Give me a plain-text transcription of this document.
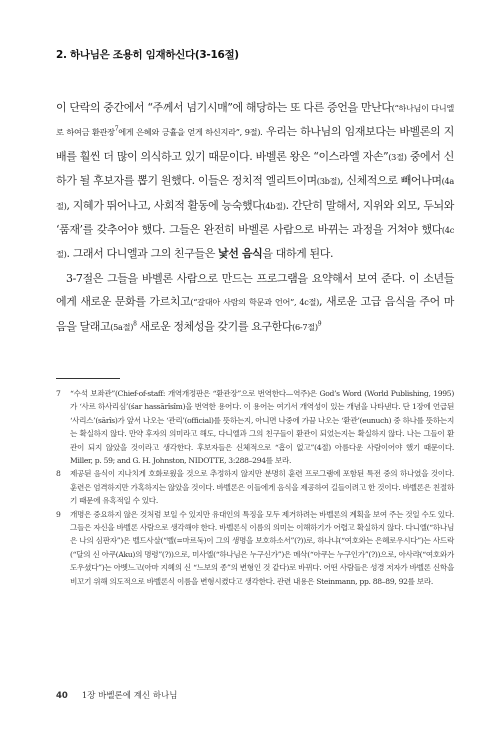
2. 하나님은 조용히 임재하신다(3-16절)

이 단락의 중간에서 “주께서 넘기시매”에 해당하는 또 다른 증언을 만난다(“하나님이 다니엘로 하여금 환관장$^7$에게 은혜와 긍휼을 얻게 하신지라”, 9절). 우리는 하나님의 임재보다는 바벨론의 지배를 훨씬 더 많이 의식하고 있기 때문이다. 바벨론 왕은 “이스라엘 자손”(3절) 중에서 신하가 될 후보자를 뽑기 원했다. 이들은 정치적 엘리트이며(3b절), 신체적으로 빼어나며(4a절), 지혜가 뛰어나고, 사회적 활동에 능숙했다(4b절). 간단히 말해서, 지위와 외모, 두뇌와 ‘품재’를 갖추어야 했다. 그들은 완전히 바벨론 사람으로 바뀌는 과정을 거쳐야 했다(4c절). 그래서 다니엘과 그의 친구들은 낯선 음식을 대하게 된다.

3-7절은 그들을 바벨론 사람으로 만드는 프로그램을 요약해서 보여 준다. 이 소년들에게 새로운 문화를 가르치고(“갈대아 사람의 학문과 언어”, 4c절), 새로운 고급 음식을 주어 마음을 달래고(5a절)$^8$ 새로운 정체성을 갖기를 요구한다(6-7절)$^9$

7 “수석 보좌관”(Chief-of-staff: 개역개정판은 “환관장”으로 번역한다—역주)은 God’s Word (World Publishing, 1995)가 ‘사르 하사리심’(śar hassārîsîm)을 번역한 용어다. 이 용어는 여기서 개역성이 있는 개념을 나타낸다. 단 1장에 언급된 ‘사리스’(sārîs)가 앞서 나오는 ‘관리’(official)를 뜻하는지, 아니면 나중에 가끔 나오는 ‘환관’(eunuch) 중 하나를 뜻하는지는 확실하지 않다. 만약 후자의 의미라고 해도, 다니엘과 그의 친구들이 환관이 되었는지는 확실하지 않다. 나는 그들이 환관이 되지 않았을 것이라고 생각한다. 후보자들은 신체적으로 “흠이 없고”(4절) 아름다운 사람이어야 했기 때문이다. Miller, p. 59; and G. H. Johnston, NIDOTTE, 3:288–294를 보라.

8 제공된 음식이 지나치게 호화로웠을 것으로 추정하지 않지만 분명히 훈련 프로그램에 포함된 특전 중의 하나였을 것이다. 훈련은 엄격하지만 가혹하지는 않았을 것이다. 바벨론은 이들에게 음식을 제공하여 길들이려고 한 것이다. 바벨론은 친절하기 때문에 유혹적일 수 있다.

9 개명은 중요하지 않은 것처럼 보일 수 있지만 유대인의 특징을 모두 제거하려는 바벨론의 계획을 보여 주는 것일 수도 있다. 그들은 자신을 바벨론 사람으로 생각해야 한다. 바벨론식 이름의 의미는 이해하기가 어렵고 확실하지 않다. 다니엘(“하나님은 나의 심판자”)은 벨드사살(“벨(=마르둑)이 그의 생명을 보호하소서”(?))로, 하나냐(“여호와는 은혜로우시다”)는 사드락(“달의 신 아쿠(Aku)의 명령”(?))으로, 미사엘(“하나님은 누구신가”)은 메삭(“아쿠는 누구인가”(?))으로, 아사랴(“여호와가 도우셨다”)는 아벳느고(아마 지혜의 신 “느보의 종”의 변형인 것 같다)로 바뀌다. 어떤 사람들은 성경 저자가 바벨론 신학을 비꼬기 위해 의도적으로 바벨론식 이름을 변형시켰다고 생각한다. 관련 내용은 Steinmann, pp. 88–89, 92를 보라.

40 1장 바벨론에 계신 하나님
